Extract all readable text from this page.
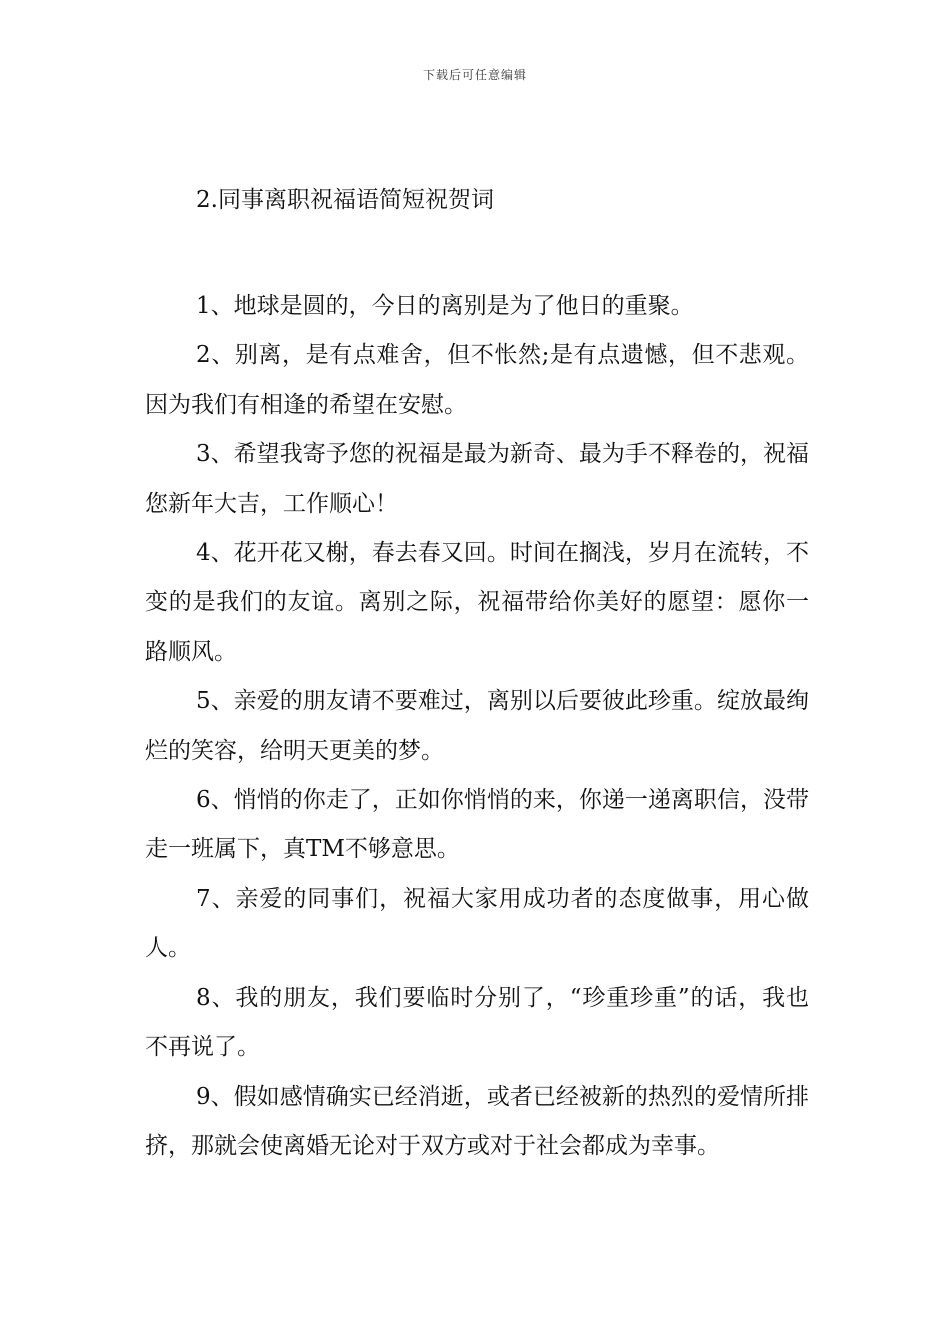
下载后可任意编辑
2.同事离职祝福语简短祝贺词

1、地球是圆的，今日的离别是为了他日的重聚。

2、别离，是有点难舍，但不怅然;是有点遗憾，但不悲观。因为我们有相逢的希望在安慰。

3、希望我寄予您的祝福是最为新奇、最为手不释卷的，祝福您新年大吉，工作顺心！

4、花开花又榭，春去春又回。时间在搁浅，岁月在流转，不变的是我们的友谊。离别之际，祝福带给你美好的愿望：愿你一路顺风。

5、亲爱的朋友请不要难过，离别以后要彼此珍重。绽放最绚烂的笑容，给明天更美的梦。

6、悄悄的你走了，正如你悄悄的来，你递一递离职信，没带走一班属下，真TM不够意思。

7、亲爱的同事们，祝福大家用成功者的态度做事，用心做人。

8、我的朋友，我们要临时分别了，“珍重珍重”的话，我也不再说了。

9、假如感情确实已经消逝，或者已经被新的热烈的爱情所排挤，那就会使离婚无论对于双方或对于社会都成为幸事。
